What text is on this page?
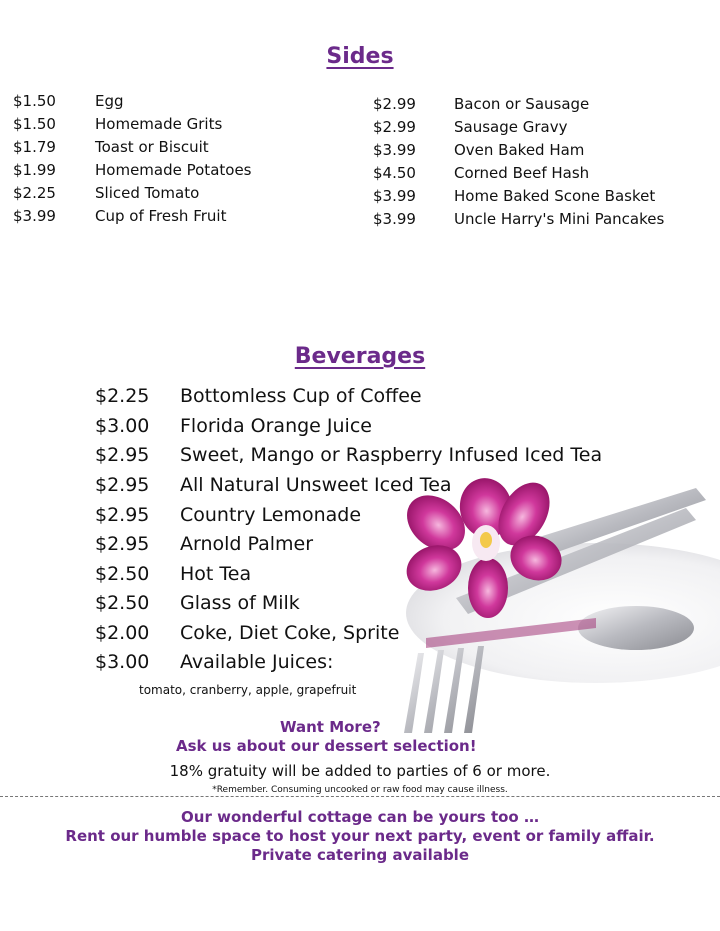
Sides
$1.50	Egg
$1.50	Homemade Grits
$1.79	Toast or Biscuit
$1.99	Homemade Potatoes
$2.25	Sliced Tomato
$3.99	Cup of Fresh Fruit
$2.99	Bacon or Sausage
$2.99	Sausage Gravy
$3.99	Oven Baked Ham
$4.50	Corned Beef Hash
$3.99	Home Baked Scone Basket
$3.99	Uncle Harry's Mini Pancakes
Beverages
$2.25 Bottomless Cup of Coffee
$3.00 Florida Orange Juice
$2.95 Sweet, Mango or Raspberry Infused Iced Tea
$2.95 All Natural Unsweet Iced Tea
$2.95 Country Lemonade
$2.95 Arnold Palmer
$2.50 Hot Tea
$2.50 Glass of Milk
$2.00 Coke, Diet Coke, Sprite
$3.00 Available Juices:
tomato, cranberry, apple, grapefruit
Want More?
Ask us about our dessert selection!
18% gratuity will be added to parties of 6 or more.
*Remember. Consuming uncooked or raw food may cause illness.
Our wonderful cottage can be yours too …
Rent our humble space to host your next party, event or family affair.
Private catering available
